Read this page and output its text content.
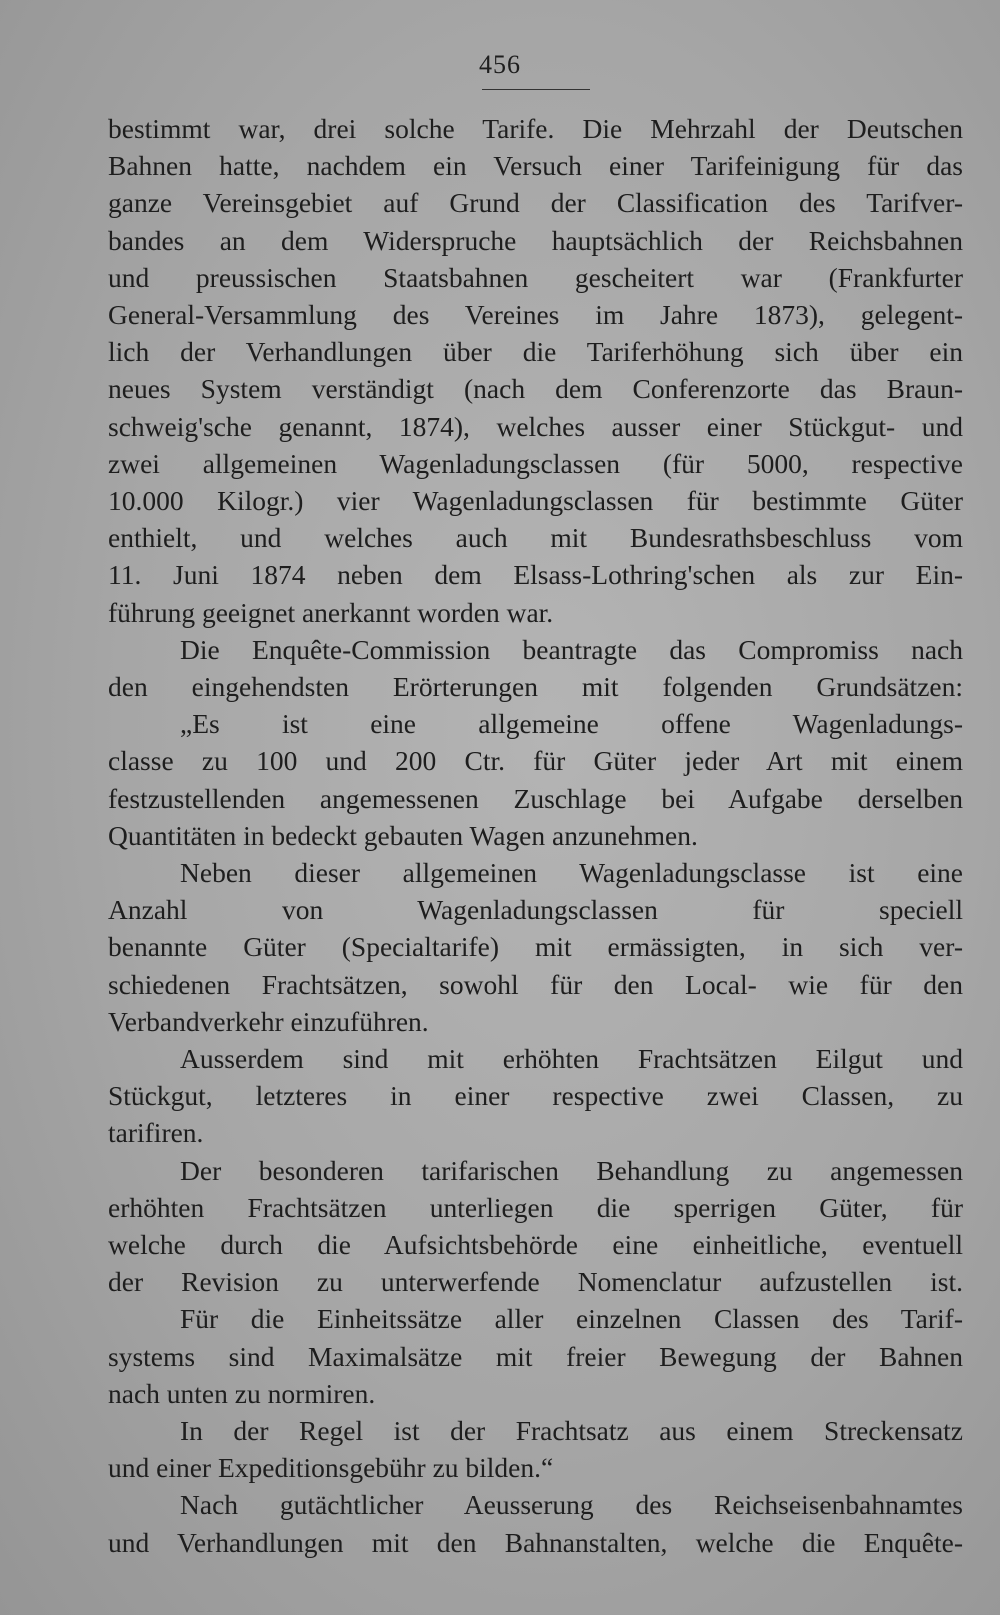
456
bestimmt war, drei solche Tarife. Die Mehrzahl der Deutschen
Bahnen hatte, nachdem ein Versuch einer Tarifeinigung für das
ganze Vereinsgebiet auf Grund der Classification des Tarifver-
bandes an dem Widerspruche hauptsächlich der Reichsbahnen
und preussischen Staatsbahnen gescheitert war (Frankfurter
General-Versammlung des Vereines im Jahre 1873), gelegent-
lich der Verhandlungen über die Tariferhöhung sich über ein
neues System verständigt (nach dem Conferenzorte das Braun-
schweig'sche genannt, 1874), welches ausser einer Stückgut- und
zwei allgemeinen Wagenladungsclassen (für 5000, respective
10.000 Kilogr.) vier Wagenladungsclassen für bestimmte Güter
enthielt, und welches auch mit Bundesrathsbeschluss vom
11. Juni 1874 neben dem Elsass-Lothring'schen als zur Ein-
führung geeignet anerkannt worden war.
Die Enquête-Commission beantragte das Compromiss nach
den eingehendsten Erörterungen mit folgenden Grundsätzen:
„Es ist eine allgemeine offene Wagenladungs-
classe zu 100 und 200 Ctr. für Güter jeder Art mit einem
festzustellenden angemessenen Zuschlage bei Aufgabe derselben
Quantitäten in bedeckt gebauten Wagen anzunehmen.
Neben dieser allgemeinen Wagenladungsclasse ist eine
Anzahl von Wagenladungsclassen für speciell
benannte Güter (Specialtarife) mit ermässigten, in sich ver-
schiedenen Frachtsätzen, sowohl für den Local- wie für den
Verbandverkehr einzuführen.
Ausserdem sind mit erhöhten Frachtsätzen Eilgut und
Stückgut, letzteres in einer respective zwei Classen, zu
tarifiren.
Der besonderen tarifarischen Behandlung zu angemessen
erhöhten Frachtsätzen unterliegen die sperrigen Güter, für
welche durch die Aufsichtsbehörde eine einheitliche, eventuell
der Revision zu unterwerfende Nomenclatur aufzustellen ist.
Für die Einheitssätze aller einzelnen Classen des Tarif-
systems sind Maximalsätze mit freier Bewegung der Bahnen
nach unten zu normiren.
In der Regel ist der Frachtsatz aus einem Streckensatz
und einer Expeditionsgebühr zu bilden.“
Nach gutächtlicher Aeusserung des Reichseisenbahnamtes
und Verhandlungen mit den Bahnanstalten, welche die Enquête-
